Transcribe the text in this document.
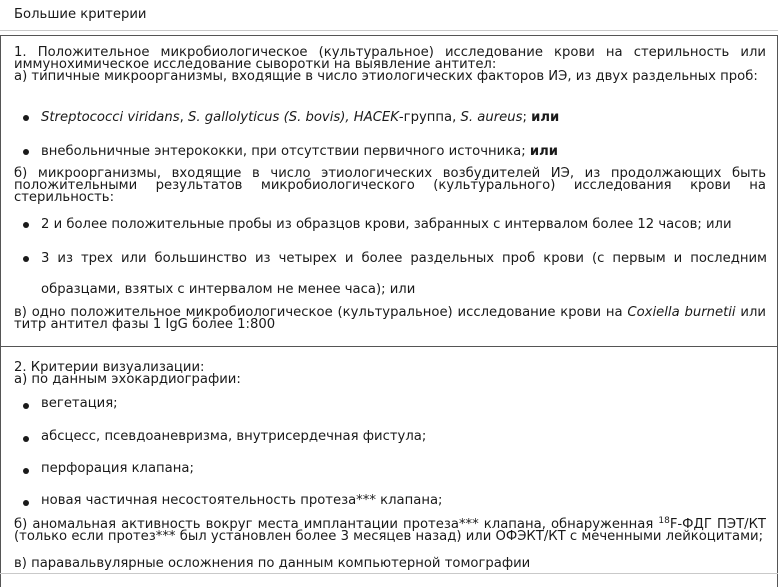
Большие критерии
1. Положительное микробиологическое (культуральное) исследование крови на стерильность или иммунохимическое исследование сыворотки на выявление антител:
а) типичные микроорганизмы, входящие в число этиологических факторов ИЭ, из двух раздельных проб:
Streptococci viridans, S. gallolyticus (S. bovis), HACEK-группа, S. aureus; или
внебольничные энтерококки, при отсутствии первичного источника; или
б) микроорганизмы, входящие в число этиологических возбудителей ИЭ, из продолжающих быть положительными результатов микробиологического (культурального) исследования крови на стерильность:
2 и более положительные пробы из образцов крови, забранных с интервалом более 12 часов; или
3 из трех или большинство из четырех и более раздельных проб крови (с первым и последним
образцами, взятых с интервалом не менее часа); или
в) одно положительное микробиологическое (культуральное) исследование крови на Coxiella burnetii или титр антител фазы 1 IgG более 1:800
2. Критерии визуализации:
а) по данным эхокардиографии:
вегетация;
абсцесс, псевдоаневризма, внутрисердечная фистула;
перфорация клапана;
новая частичная несостоятельность протеза*** клапана;
б) аномальная активность вокруг места имплантации протеза*** клапана, обнаруженная $^{18}$F-ФДГ ПЭТ/КТ (только если протез*** был установлен более 3 месяцев назад) или ОФЭКТ/КТ с меченными лейкоцитами;
в) паравальвулярные осложнения по данным компьютерной томографии
